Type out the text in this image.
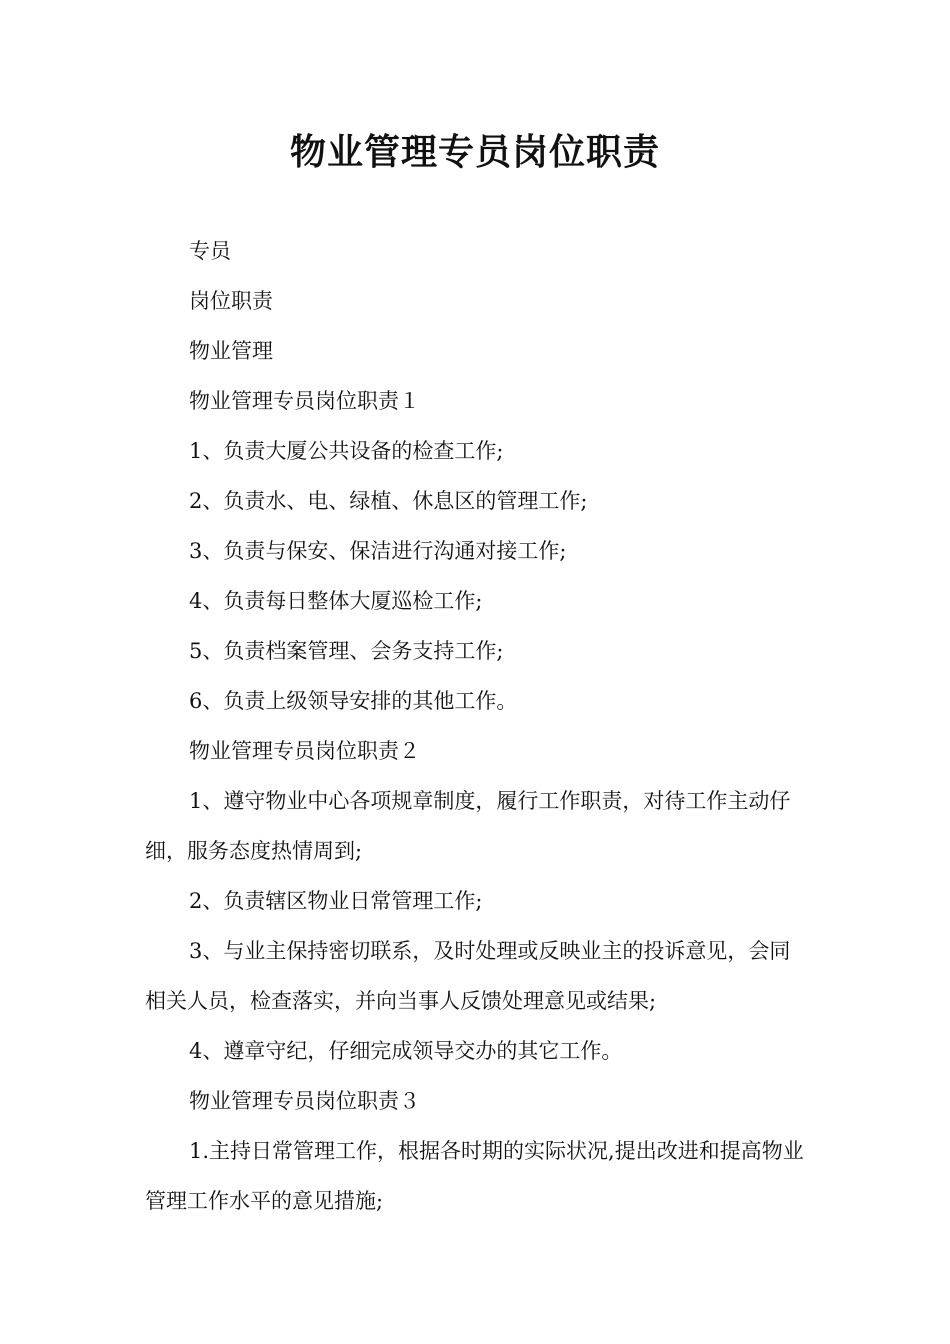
物业管理专员岗位职责

专员

岗位职责

物业管理

物业管理专员岗位职责１

1、负责大厦公共设备的检查工作;

2、负责水、电、绿植、休息区的管理工作;

3、负责与保安、保洁进行沟通对接工作;

4、负责每日整体大厦巡检工作;

5、负责档案管理、会务支持工作;

6、负责上级领导安排的其他工作。

物业管理专员岗位职责２

1、遵守物业中心各项规章制度，履行工作职责，对待工作主动仔细，服务态度热情周到;

2、负责辖区物业日常管理工作;

3、与业主保持密切联系，及时处理或反映业主的投诉意见，会同相关人员，检查落实，并向当事人反馈处理意见或结果;

4、遵章守纪，仔细完成领导交办的其它工作。

物业管理专员岗位职责３

1.主持日常管理工作，根据各时期的实际状况,提出改进和提高物业管理工作水平的意见措施;
